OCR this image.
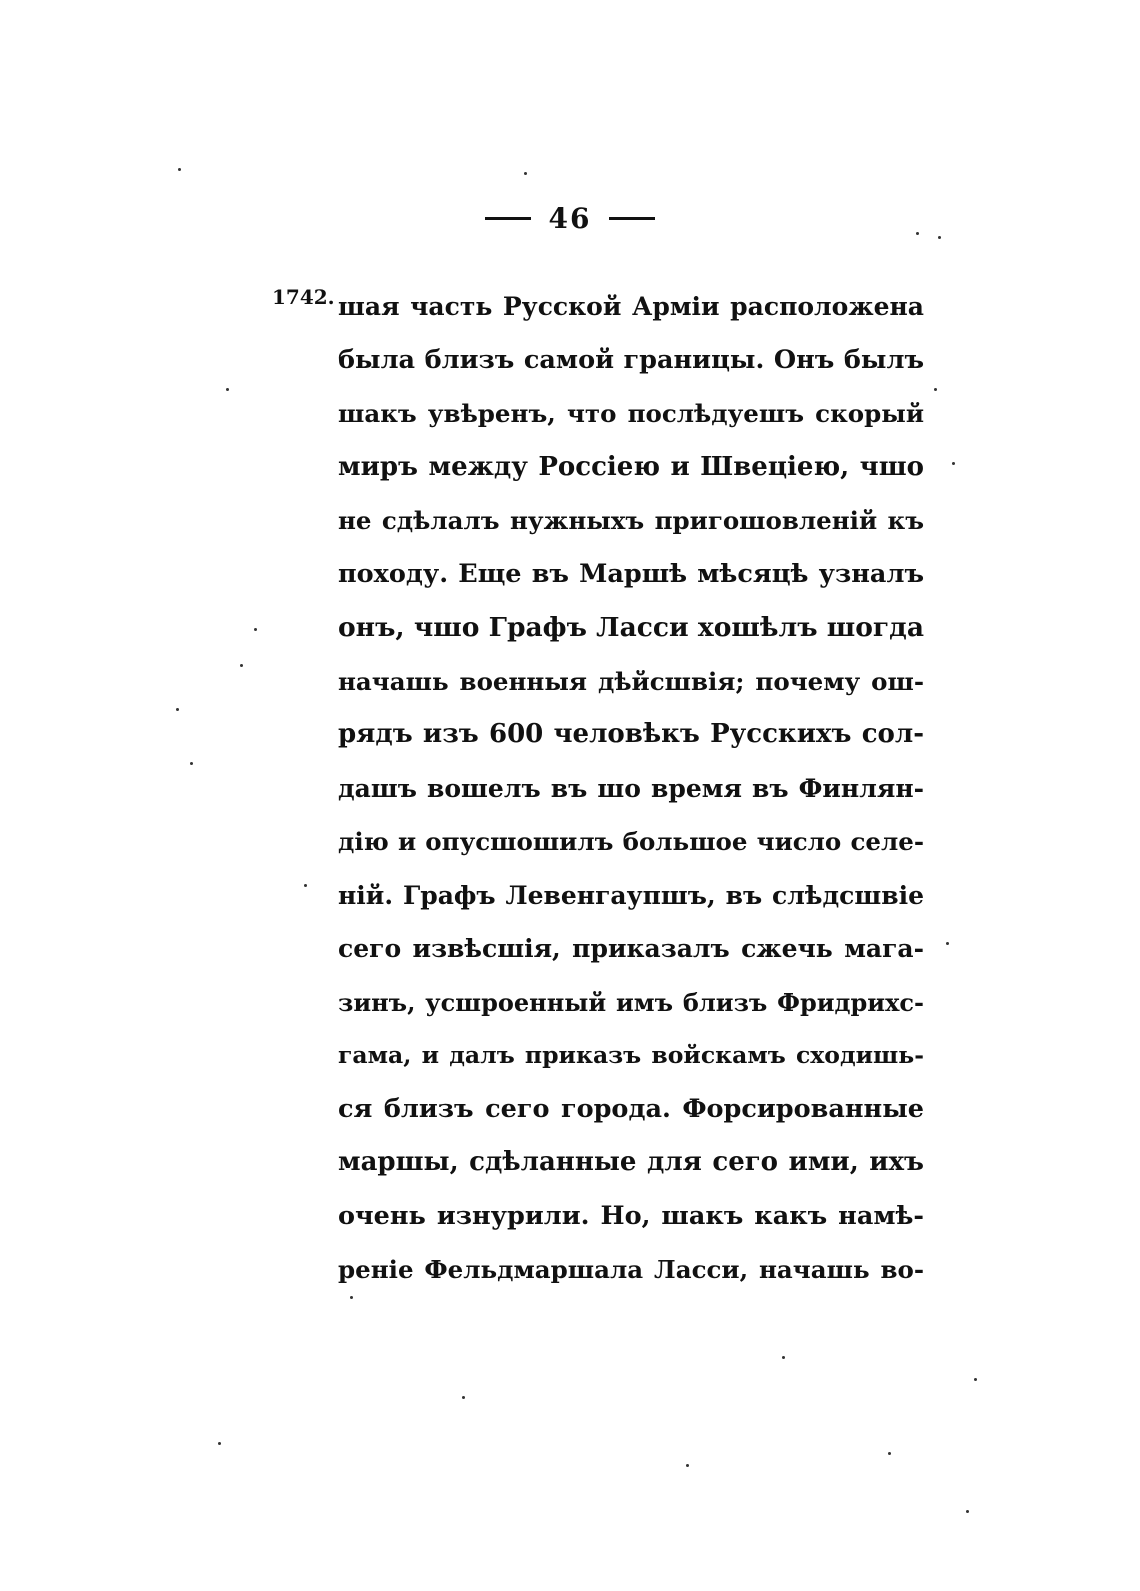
46
1742. шая часть Русской Армiи расположена
была близъ самой границы. Онъ былъ
шакъ увѣренъ, что послѣдуешъ скорый
миръ между Россiею и Швецiею, чшо
не сдѣлалъ нужныхъ пригошовленiй къ
походу. Еще въ Маршѣ мѣсяцѣ узналъ
онъ, чшо Графъ Ласси хошѣлъ шогда
начашь военныя дѣйсшвiя; почему ош-
рядъ изъ 600 человѣкъ Русскихъ сол-
дашъ вошелъ въ шо время въ Финлян-
дiю и опусшошилъ большое число селе-
нiй. Графъ Левенгаупшъ, въ слѣдсшвiе
сего извѣсшiя, приказалъ сжечь мага-
зинъ, усшроенный имъ близъ Фридрихс-
гама, и далъ приказъ войскамъ сходишь-
ся близъ сего города. Форсированные
маршы, сдѣланные для сего ими, ихъ
очень изнурили. Но, шакъ какъ намѣ-
ренiе Фельдмаршала Ласси, начашь во-
